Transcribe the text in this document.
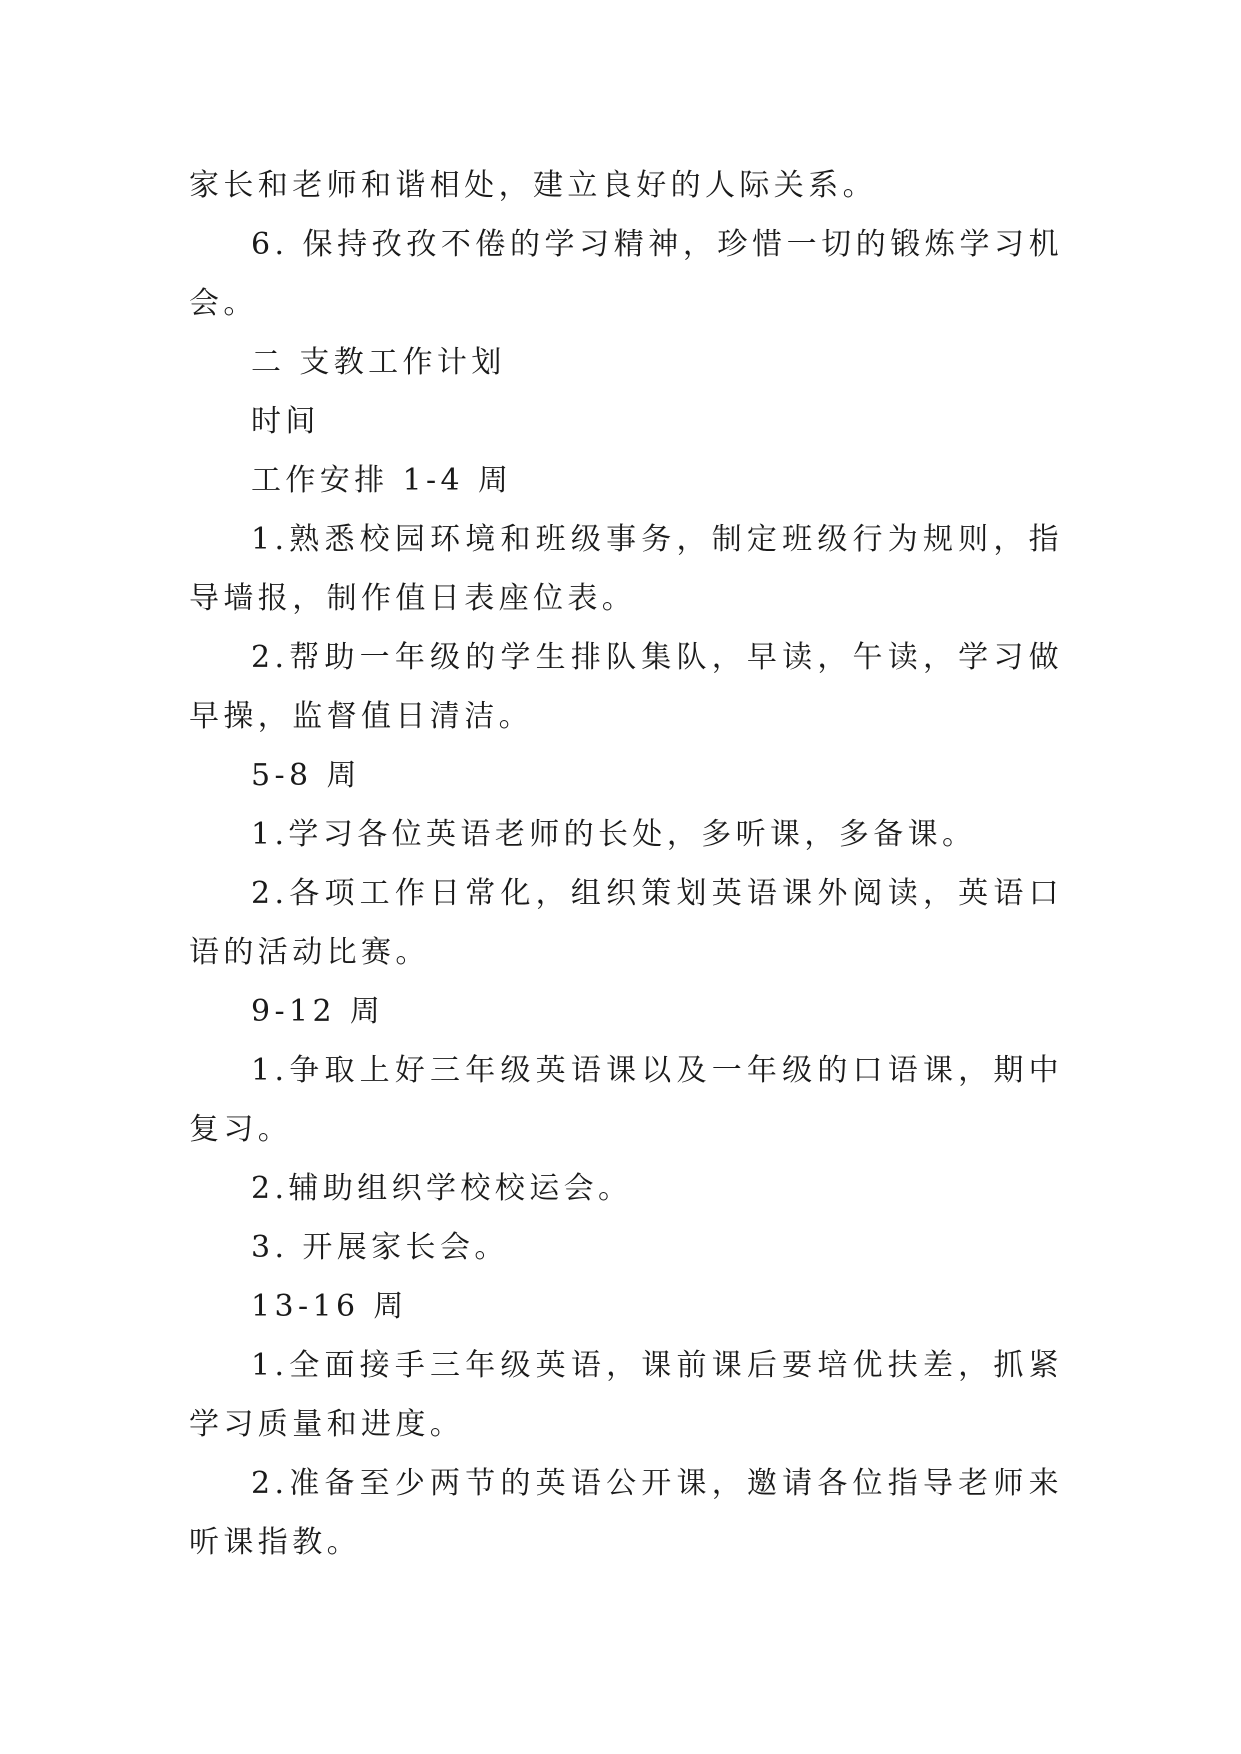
家长和老师和谐相处，建立良好的人际关系。

6. 保持孜孜不倦的学习精神，珍惜一切的锻炼学习机会。

二 支教工作计划

时间

工作安排 1-4 周

1.熟悉校园环境和班级事务，制定班级行为规则，指导墙报，制作值日表座位表。

2.帮助一年级的学生排队集队，早读，午读，学习做早操，监督值日清洁。

5-8 周

1.学习各位英语老师的长处，多听课，多备课。

2.各项工作日常化，组织策划英语课外阅读，英语口语的活动比赛。

9-12 周

1.争取上好三年级英语课以及一年级的口语课，期中复习。

2.辅助组织学校校运会。

3. 开展家长会。

13-16 周

1.全面接手三年级英语，课前课后要培优扶差，抓紧学习质量和进度。

2.准备至少两节的英语公开课，邀请各位指导老师来听课指教。
